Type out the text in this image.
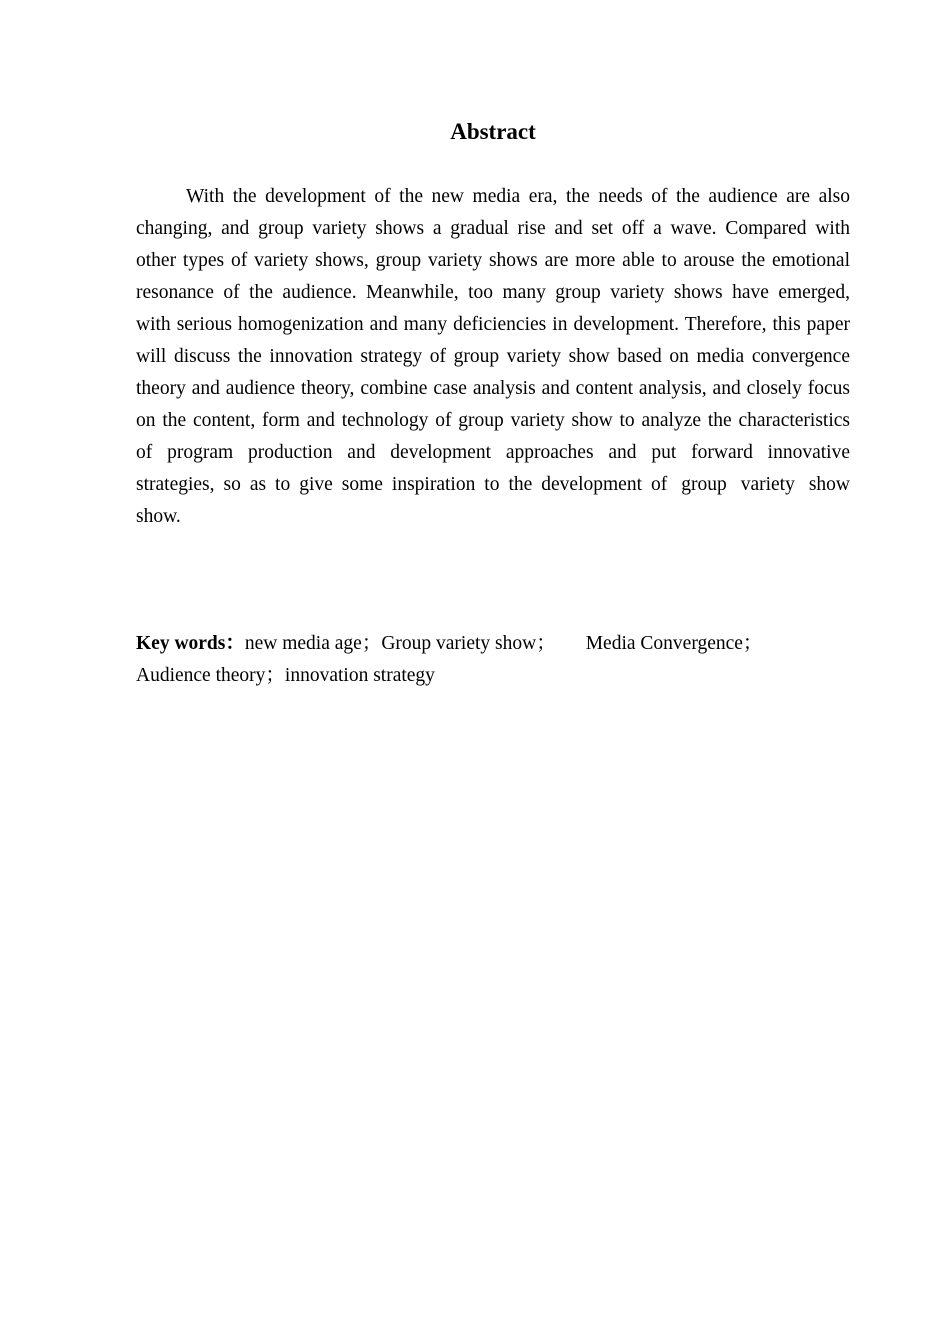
Abstract
With the development of the new media era, the needs of the audience are also changing, and group variety shows a gradual rise and set off a wave. Compared with other types of variety shows, group variety shows are more able to arouse the emotional resonance of the audience. Meanwhile, too many group variety shows have emerged, with serious homogenization and many deficiencies in development. Therefore, this paper will discuss the innovation strategy of group variety show based on media convergence theory and audience theory, combine case analysis and content analysis, and closely focus on the content, form and technology of group variety show to analyze the characteristics of program production and development approaches and put forward innovative strategies, so as to give some inspiration to the development of group variety show show.
Key words：new media age；Group variety show； Media Convergence；
Audience theory；innovation strategy
